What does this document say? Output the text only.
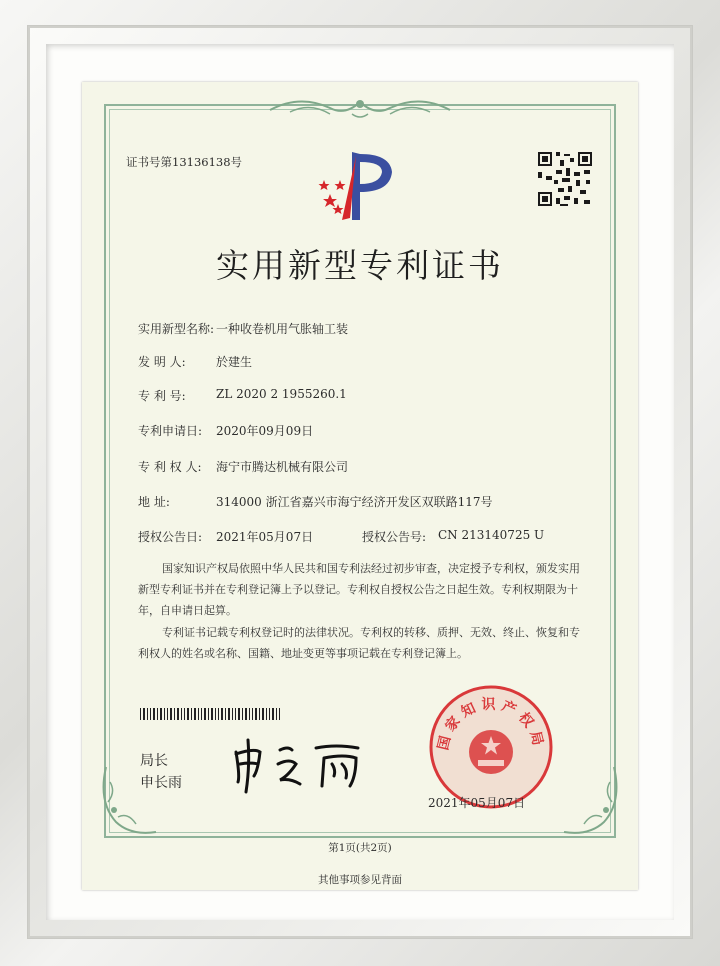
证书号第13136138号
实用新型专利证书
实用新型名称: 一种收卷机用气胀轴工装
发 明 人:	於建生
专 利 号:	ZL 2020 2 1955260.1
专利申请日: 2020年09月09日
专 利 权 人: 海宁市腾达机械有限公司
地 址:	314000 浙江省嘉兴市海宁经济开发区双联路117号
授权公告日: 2021年05月07日	授权公告号: CN 213140725 U
国家知识产权局依照中华人民共和国专利法经过初步审查，决定授予专利权，颁发实用新型专利证书并在专利登记簿上予以登记。专利权自授权公告之日起生效。专利权期限为十年，自申请日起算。
专利证书记载专利权登记时的法律状况。专利权的转移、质押、无效、终止、恢复和专利权人的姓名或名称、国籍、地址变更等事项记载在专利登记簿上。
局长
申长雨
国家知识产权局
2021年05月07日
第1页(共2页)
其他事项参见背面
